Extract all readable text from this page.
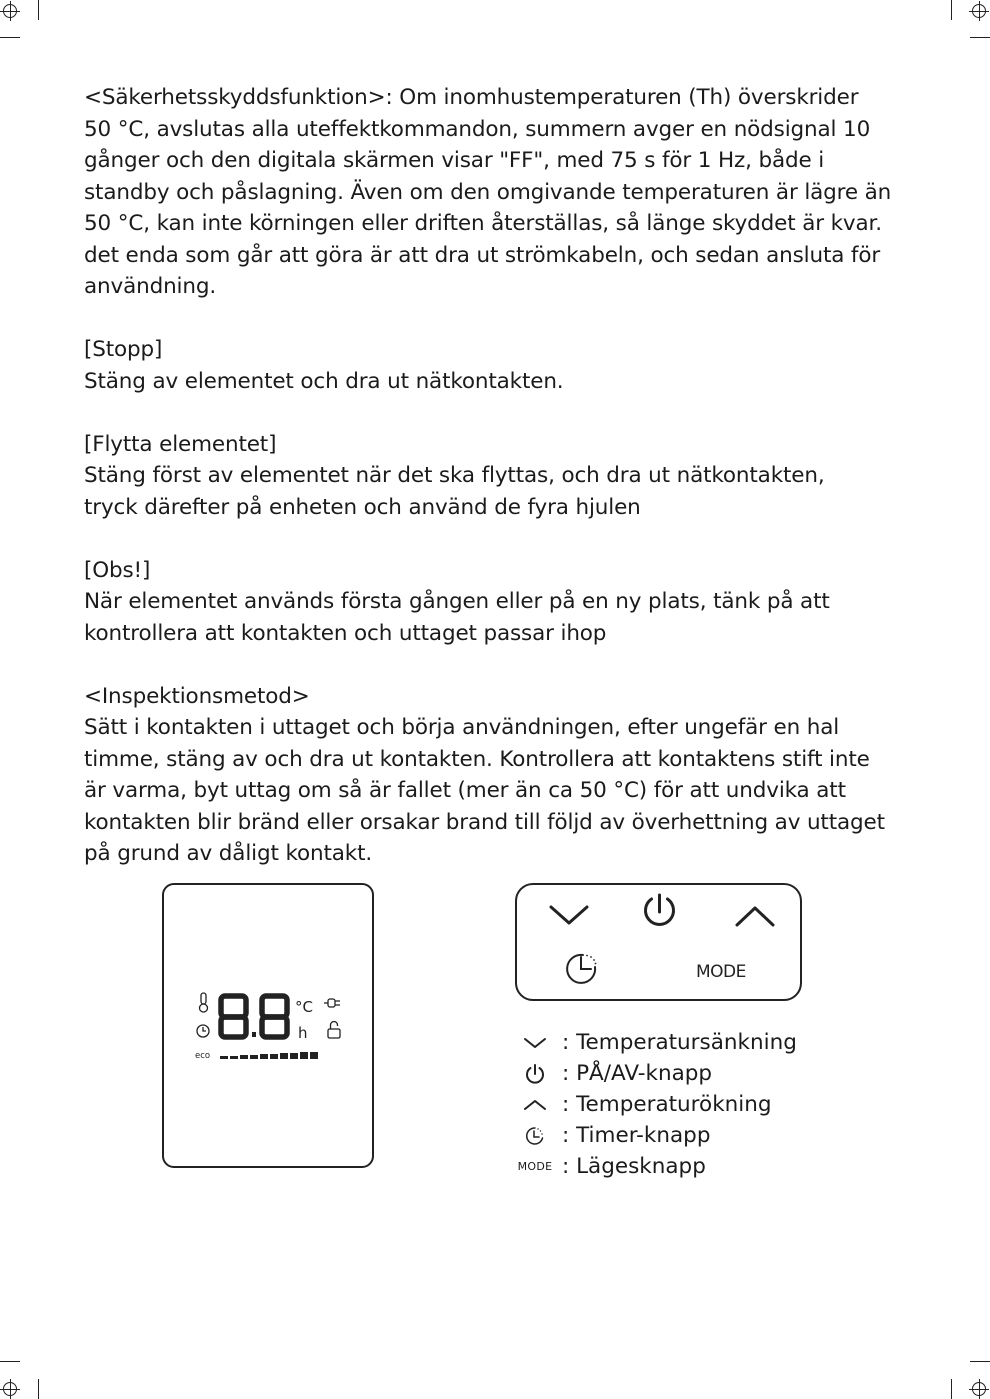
<Säkerhetsskyddsfunktion>: Om inomhustemperaturen (Th) överskrider
50 °C, avslutas alla uteffektkommandon, summern avger en nödsignal 10
gånger och den digitala skärmen visar "FF", med 75 s för 1 Hz, både i
standby och påslagning. Även om den omgivande temperaturen är lägre än
50 °C, kan inte körningen eller driften återställas, så länge skyddet är kvar.
det enda som går att göra är att dra ut strömkabeln, och sedan ansluta för
användning.

[Stopp]
Stäng av elementet och dra ut nätkontakten.

[Flytta elementet]
Stäng först av elementet när det ska flyttas, och dra ut nätkontakten,
tryck därefter på enheten och använd de fyra hjulen

[Obs!]
När elementet används första gången eller på en ny plats, tänk på att
kontrollera att kontakten och uttaget passar ihop

<Inspektionsmetod>
Sätt i kontakten i uttaget och börja användningen, efter ungefär en hal
timme, stäng av och dra ut kontakten. Kontrollera att kontaktens stift inte
är varma, byt uttag om så är fallet (mer än ca 50 °C) för att undvika att
kontakten blir bränd eller orsakar brand till följd av överhettning av uttaget
på grund av dåligt kontakt.

eco
°C
h
MODE
: Temperatursänkning
: PÅ/AV-knapp
: Temperaturökning
: Timer-knapp
MODE : Lägesknapp
